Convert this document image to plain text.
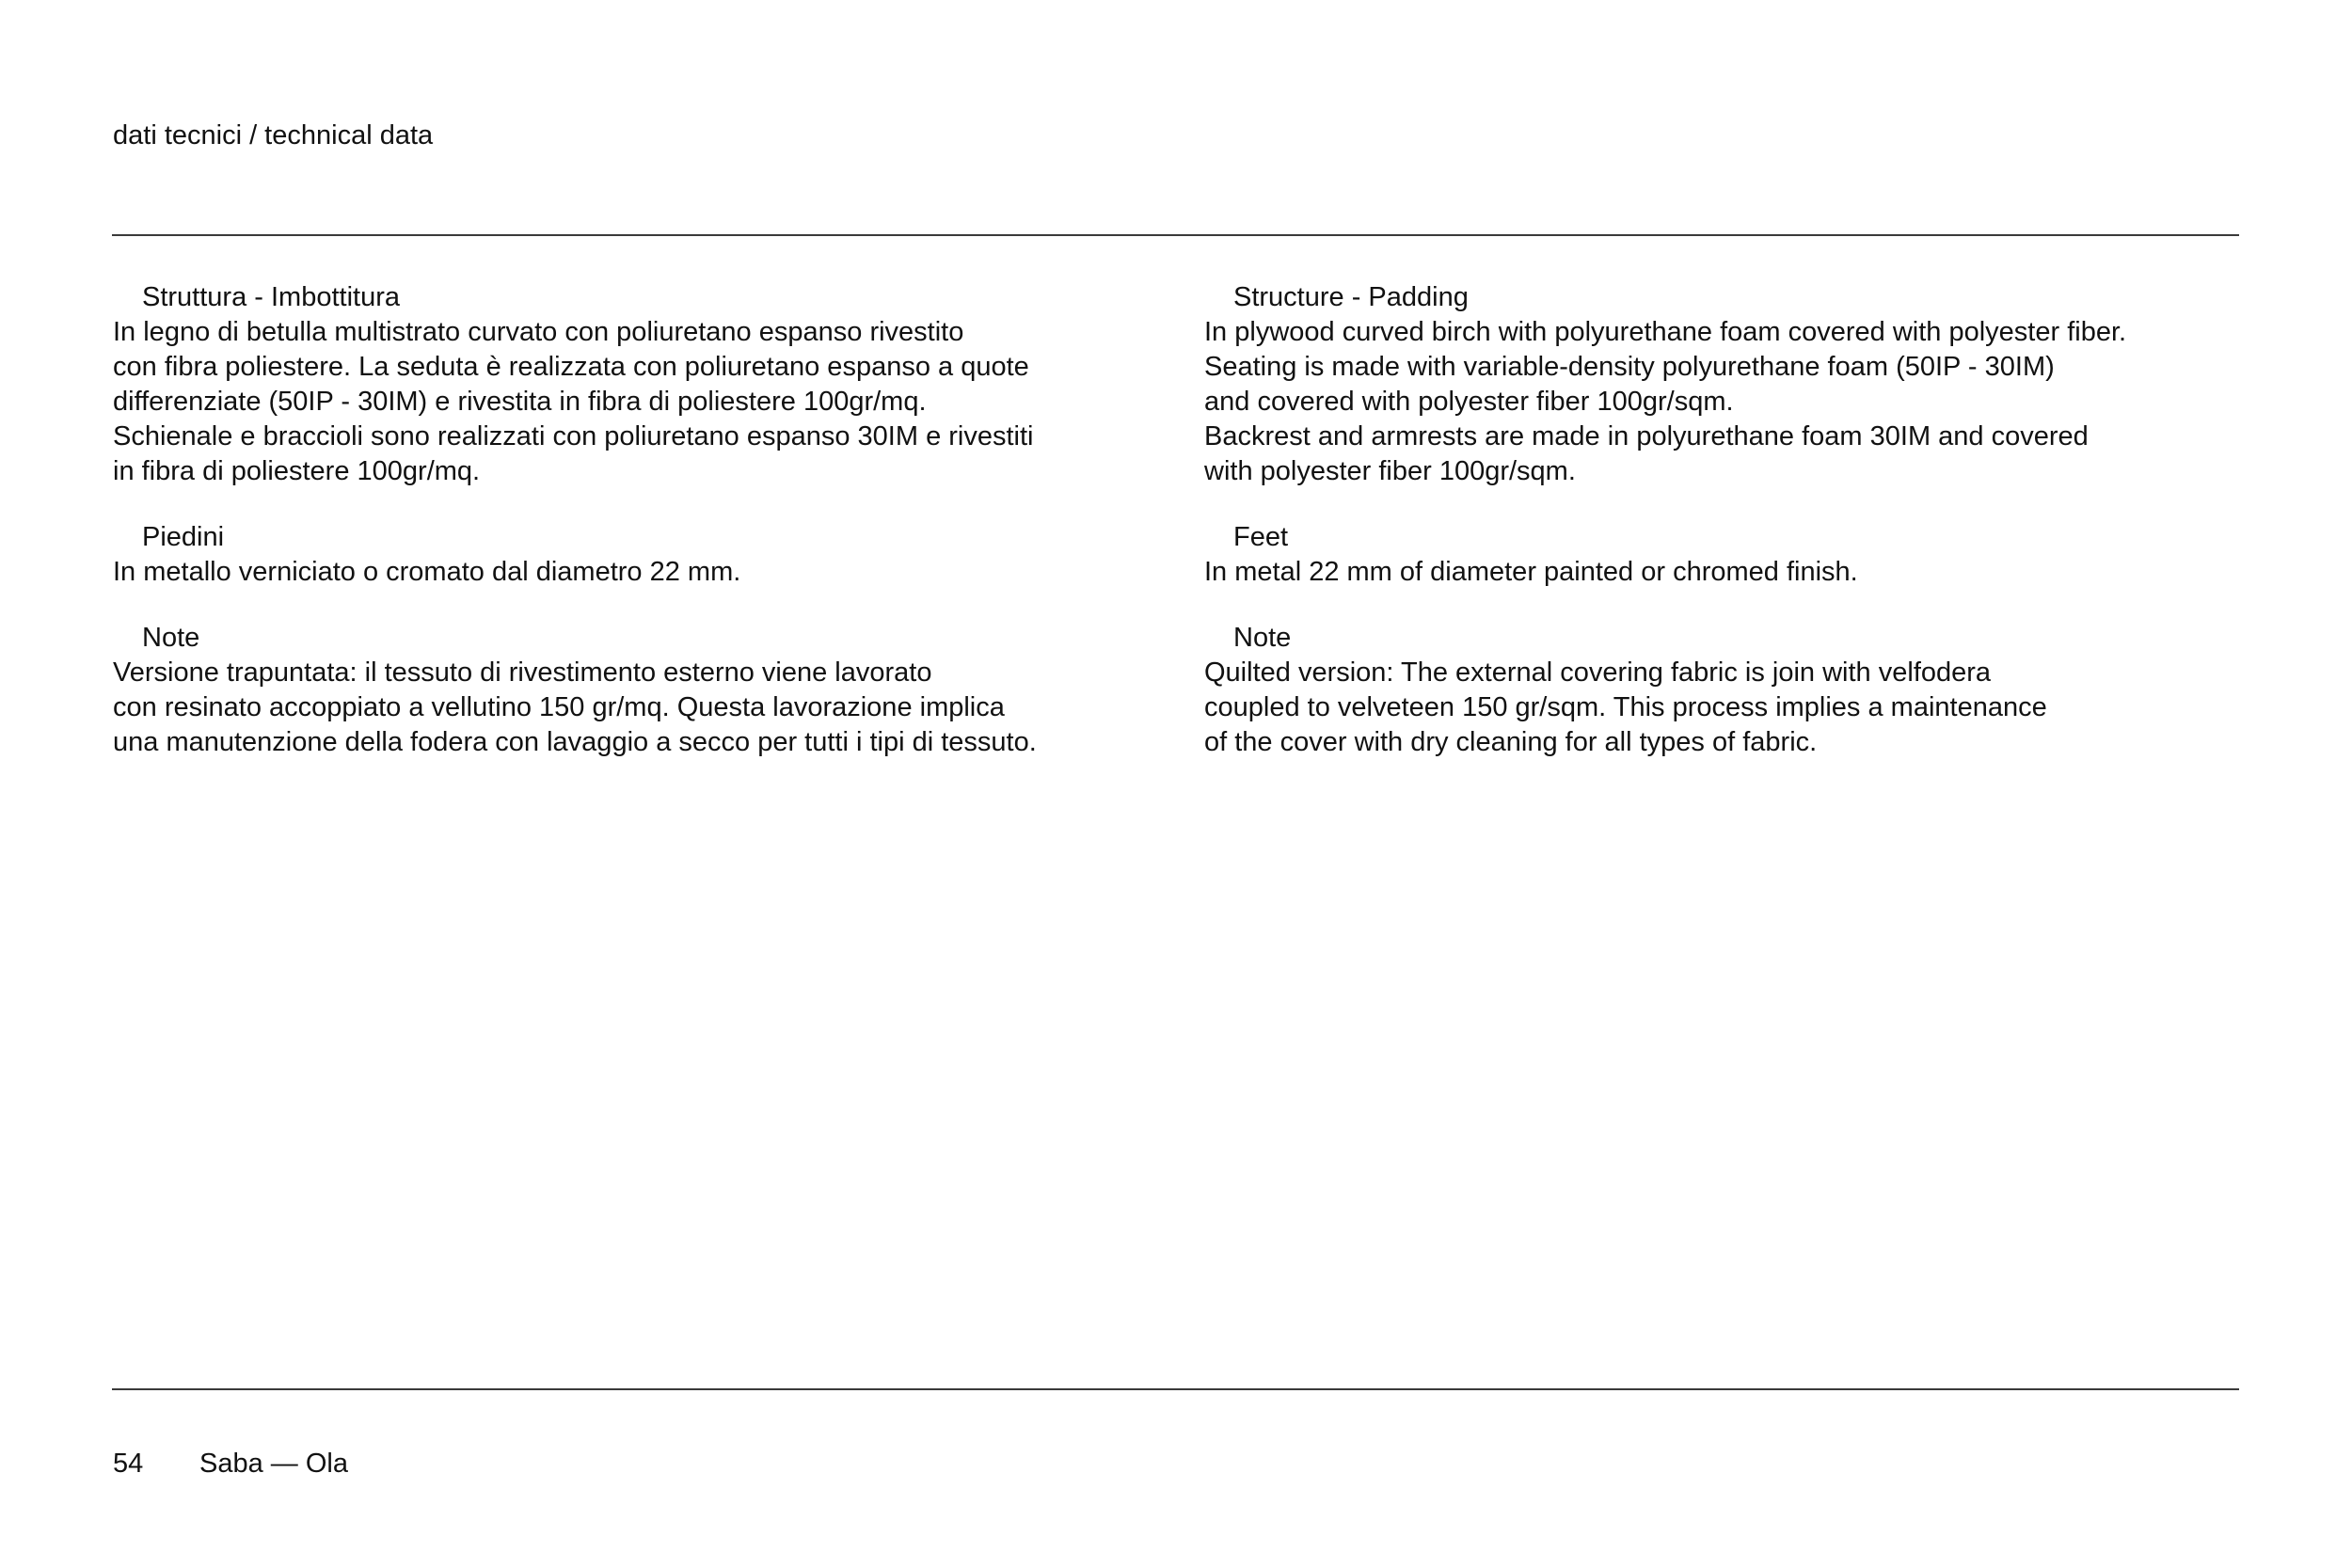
dati tecnici / technical data
Struttura - Imbottitura
In legno di betulla multistrato curvato con poliuretano espanso rivestito
con fibra poliestere. La seduta è realizzata con poliuretano espanso a quote
differenziate (50IP - 30IM) e rivestita in fibra di poliestere 100gr/mq.
Schienale e braccioli sono realizzati con poliuretano espanso 30IM e rivestiti
in fibra di poliestere 100gr/mq.
Piedini
In metallo verniciato o cromato dal diametro 22 mm.
Note
Versione trapuntata: il tessuto di rivestimento esterno viene lavorato
con resinato accoppiato a vellutino 150 gr/mq. Questa lavorazione implica
una manutenzione della fodera con lavaggio a secco per tutti i tipi di tessuto.
Structure - Padding
In plywood curved birch with polyurethane foam covered with polyester fiber.
Seating is made with variable-density polyurethane foam (50IP - 30IM)
and covered with polyester fiber 100gr/sqm.
Backrest and armrests are made in polyurethane foam 30IM and covered
with polyester fiber 100gr/sqm.
Feet
In metal 22 mm of diameter painted or chromed finish.
Note
Quilted version: The external covering fabric is join with velfodera
coupled to velveteen 150 gr/sqm. This process implies a maintenance
of the cover with dry cleaning for all types of fabric.
54	Saba — Ola
